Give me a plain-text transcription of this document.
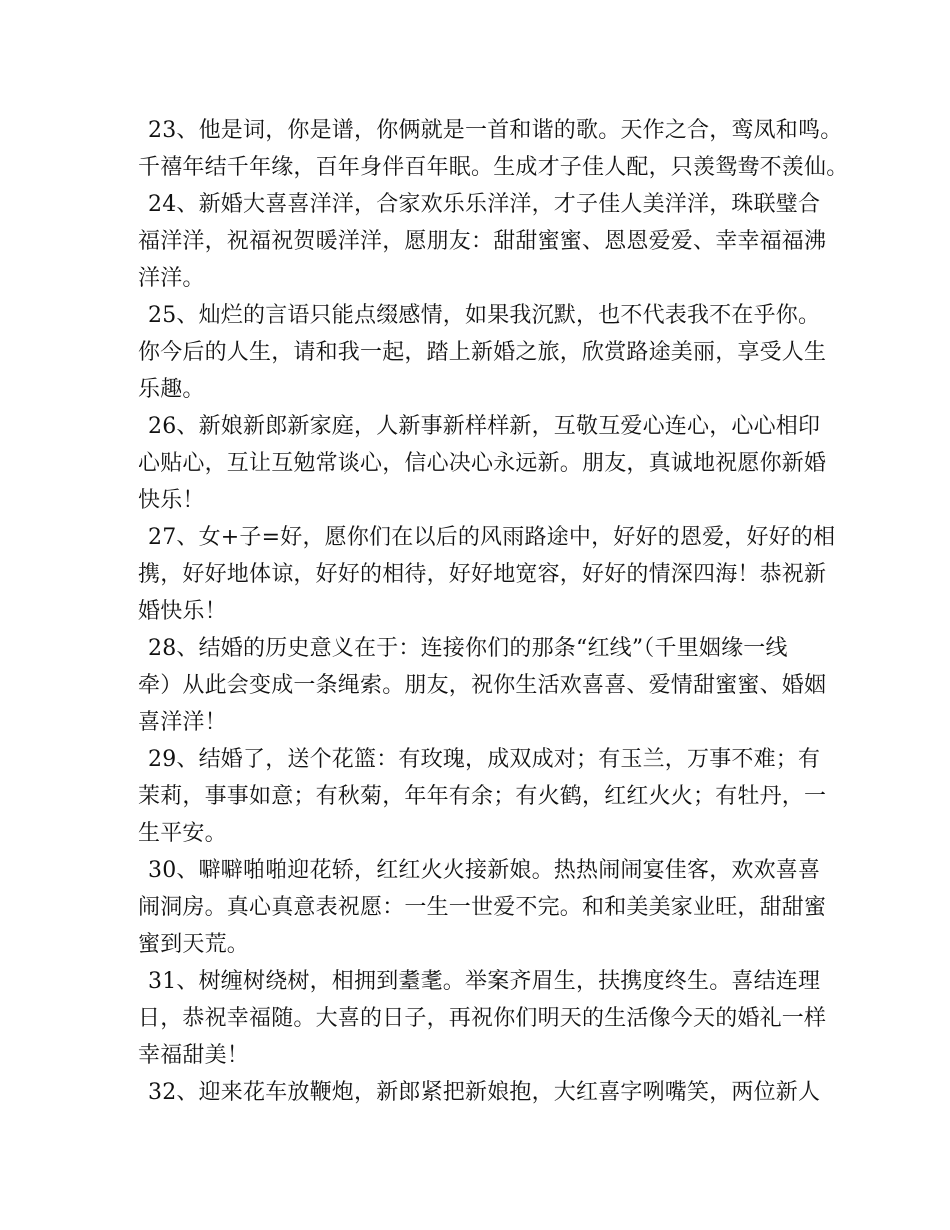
23、他是词，你是谱，你俩就是一首和谐的歌。天作之合，鸾凤和鸣。
千禧年结千年缘，百年身伴百年眠。生成才子佳人配，只羡鸳鸯不羡仙。
24、新婚大喜喜洋洋，合家欢乐乐洋洋，才子佳人美洋洋，珠联璧合
福洋洋，祝福祝贺暖洋洋，愿朋友：甜甜蜜蜜、恩恩爱爱、幸幸福福沸
洋洋。
25、灿烂的言语只能点缀感情，如果我沉默，也不代表我不在乎你。
你今后的人生，请和我一起，踏上新婚之旅，欣赏路途美丽，享受人生
乐趣。
26、新娘新郎新家庭，人新事新样样新，互敬互爱心连心，心心相印
心贴心，互让互勉常谈心，信心决心永远新。朋友，真诚地祝愿你新婚
快乐！
27、女+子=好，愿你们在以后的风雨路途中，好好的恩爱，好好的相
携，好好地体谅，好好的相待，好好地宽容，好好的情深四海！恭祝新
婚快乐！
28、结婚的历史意义在于：连接你们的那条“红线”（千里姻缘一线
牵）从此会变成一条绳索。朋友，祝你生活欢喜喜、爱情甜蜜蜜、婚姻
喜洋洋！
29、结婚了，送个花篮：有玫瑰，成双成对；有玉兰，万事不难；有
茉莉，事事如意；有秋菊，年年有余；有火鹤，红红火火；有牡丹，一
生平安。
30、噼噼啪啪迎花轿，红红火火接新娘。热热闹闹宴佳客，欢欢喜喜
闹洞房。真心真意表祝愿：一生一世爱不完。和和美美家业旺，甜甜蜜
蜜到天荒。
31、树缠树绕树，相拥到耋耄。举案齐眉生，扶携度终生。喜结连理
日，恭祝幸福随。大喜的日子，再祝你们明天的生活像今天的婚礼一样
幸福甜美！
32、迎来花车放鞭炮，新郎紧把新娘抱，大红喜字咧嘴笑，两位新人
